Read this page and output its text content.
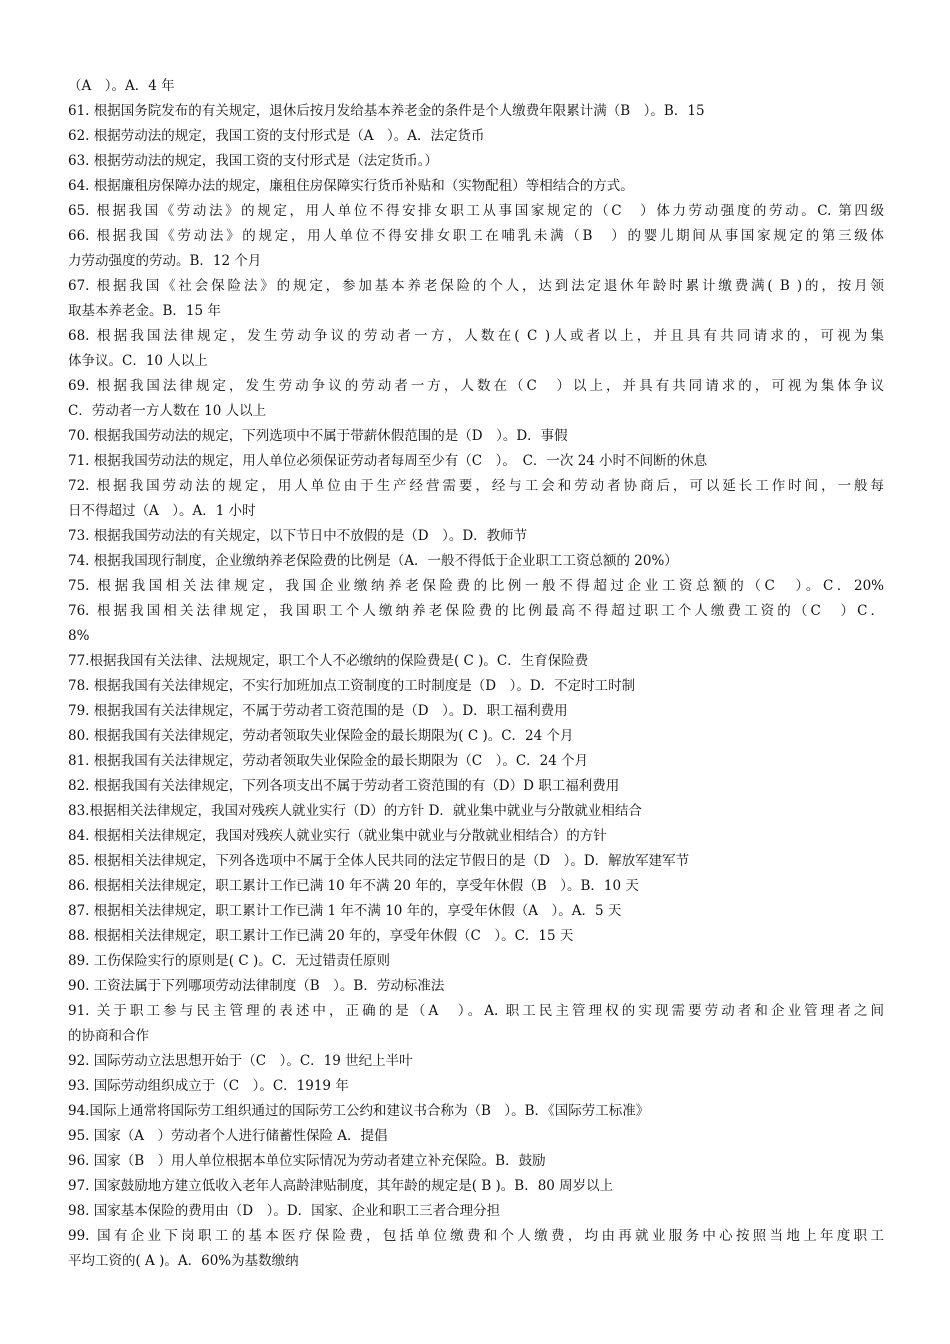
（A　）。A．4 年
61. 根据国务院发布的有关规定，退休后按月发给基本养老金的条件是个人缴费年限累计满（B　）。B．15
62. 根据劳动法的规定，我国工资的支付形式是（A　）。A．法定货币
63. 根据劳动法的规定，我国工资的支付形式是（法定货币。）
64. 根据廉租房保障办法的规定，廉租住房保障实行货币补贴和（实物配租）等相结合的方式。
65. 根据我国《劳动法》的规定，用人单位不得安排女职工从事国家规定的（C　）体力劳动强度的劳动。C. 第四级
66. 根据我国《劳动法》的规定，用人单位不得安排女职工在哺乳未满（B　）的婴儿期间从事国家规定的第三级体
力劳动强度的劳动。B．12 个月
67. 根据我国《社会保险法》的规定，参加基本养老保险的个人，达到法定退休年龄时累计缴费满( B )的，按月领
取基本养老金。B．15 年
68. 根据我国法律规定，发生劳动争议的劳动者一方，人数在( C )人或者以上，并且具有共同请求的，可视为集
体争议。C．10 人以上
69. 根据我国法律规定，发生劳动争议的劳动者一方，人数在（C　）以上，并具有共同请求的，可视为集体争议
C．劳动者一方人数在 10 人以上
70. 根据我国劳动法的规定，下列选项中不属于带薪休假范围的是（D　）。D．事假
71. 根据我国劳动法的规定，用人单位必须保证劳动者每周至少有（C　）。　C．一次 24 小时不间断的休息
72. 根据我国劳动法的规定，用人单位由于生产经营需要，经与工会和劳动者协商后，可以延长工作时间，一般每
日不得超过（A　）。A．1 小时
73. 根据我国劳动法的有关规定，以下节日中不放假的是（D　）。D．教师节
74. 根据我国现行制度，企业缴纳养老保险费的比例是（A．一般不得低于企业职工工资总额的 20%）
75. 根据我国相关法律规定，我国企业缴纳养老保险费的比例一般不得超过企业工资总额的（C　）。C．20%
76. 根据我国相关法律规定，我国职工个人缴纳养老保险费的比例最高不得超过职工个人缴费工资的（C　）C．
8%
77.根据我国有关法律、法规规定，职工个人不必缴纳的保险费是( C )。C．生育保险费
78. 根据我国有关法律规定，不实行加班加点工资制度的工时制度是（D　）。D．不定时工时制
79. 根据我国有关法律规定，不属于劳动者工资范围的是（D　）。D．职工福利费用
80. 根据我国有关法律规定，劳动者领取失业保险金的最长期限为( C )。C．24 个月
81. 根据我国有关法律规定，劳动者领取失业保险金的最长期限为（C　）。C．24 个月
82. 根据我国有关法律规定，下列各项支出不属于劳动者工资范围的有（D）D 职工福利费用
83.根据相关法律规定，我国对残疾人就业实行（D）的方针 D．就业集中就业与分散就业相结合
84. 根据相关法律规定，我国对残疾人就业实行（就业集中就业与分散就业相结合）的方针
85. 根据相关法律规定，下列各选项中不属于全体人民共同的法定节假日的是（D　）。D．解放军建军节
86. 根据相关法律规定，职工累计工作已满 10 年不满 20 年的，享受年休假（B　）。B．10 天
87. 根据相关法律规定，职工累计工作已满 1 年不满 10 年的，享受年休假（A　）。A．5 天
88. 根据相关法律规定，职工累计工作已满 20 年的，享受年休假（C　）。C．15 天
89. 工伤保险实行的原则是( C )。C．无过错责任原则
90. 工资法属于下列哪项劳动法律制度（B　）。B．劳动标准法
91. 关于职工参与民主管理的表述中，正确的是（A　）。A. 职工民主管理权的实现需要劳动者和企业管理者之间
的协商和合作
92. 国际劳动立法思想开始于（C　）。C．19 世纪上半叶
93. 国际劳动组织成立于（C　）。C．1919 年
94.国际上通常将国际劳工组织通过的国际劳工公约和建议书合称为（B　）。B．《国际劳工标准》
95. 国家（A　）劳动者个人进行储蓄性保险 A．提倡
96. 国家（B　）用人单位根据本单位实际情况为劳动者建立补充保险。B．鼓励
97. 国家鼓励地方建立低收入老年人高龄津贴制度，其年龄的规定是( B )。B．80 周岁以上
98. 国家基本保险的费用由（D　）。D．国家、企业和职工三者合理分担
99. 国有企业下岗职工的基本医疗保险费，包括单位缴费和个人缴费，均由再就业服务中心按照当地上年度职工
平均工资的( A )。A．60%为基数缴纳
